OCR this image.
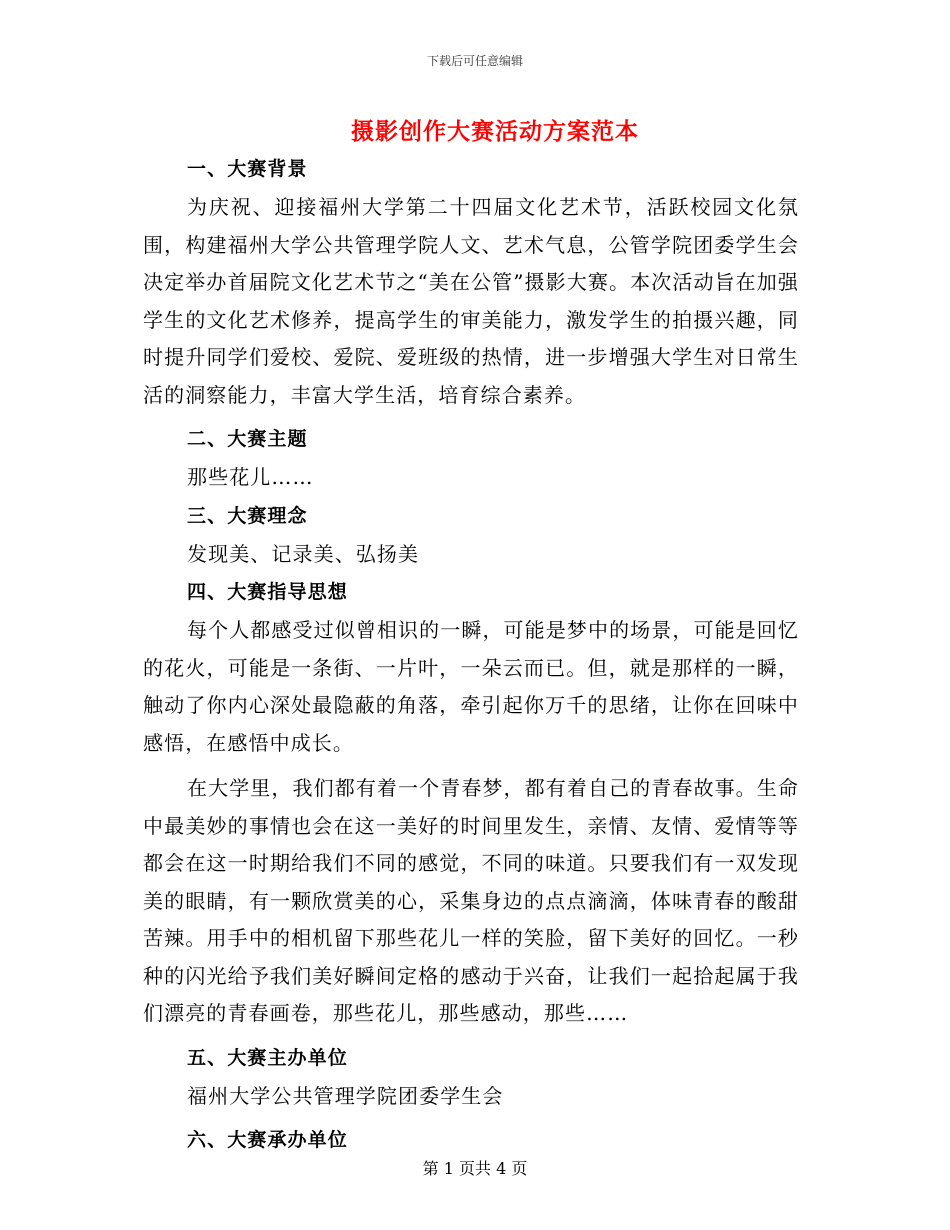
下载后可任意编辑
摄影创作大赛活动方案范本

一、大赛背景

为庆祝、迎接福州大学第二十四届文化艺术节，活跃校园文化氛围，构建福州大学公共管理学院人文、艺术气息，公管学院团委学生会决定举办首届院文化艺术节之“美在公管”摄影大赛。本次活动旨在加强学生的文化艺术修养，提高学生的审美能力，激发学生的拍摄兴趣，同时提升同学们爱校、爱院、爱班级的热情，进一步增强大学生对日常生活的洞察能力，丰富大学生活，培育综合素养。

二、大赛主题

那些花儿……

三、大赛理念

发现美、记录美、弘扬美

四、大赛指导思想

每个人都感受过似曾相识的一瞬，可能是梦中的场景，可能是回忆的花火，可能是一条街、一片叶，一朵云而已。但，就是那样的一瞬，触动了你内心深处最隐蔽的角落，牵引起你万千的思绪，让你在回味中感悟，在感悟中成长。

在大学里，我们都有着一个青春梦，都有着自己的青春故事。生命中最美妙的事情也会在这一美好的时间里发生，亲情、友情、爱情等等都会在这一时期给我们不同的感觉，不同的味道。只要我们有一双发现美的眼睛，有一颗欣赏美的心，采集身边的点点滴滴，体味青春的酸甜苦辣。用手中的相机留下那些花儿一样的笑脸，留下美好的回忆。一秒种的闪光给予我们美好瞬间定格的感动于兴奋，让我们一起拾起属于我们漂亮的青春画卷，那些花儿，那些感动，那些……

五、大赛主办单位

福州大学公共管理学院团委学生会

六、大赛承办单位

第 1 页共 4 页
